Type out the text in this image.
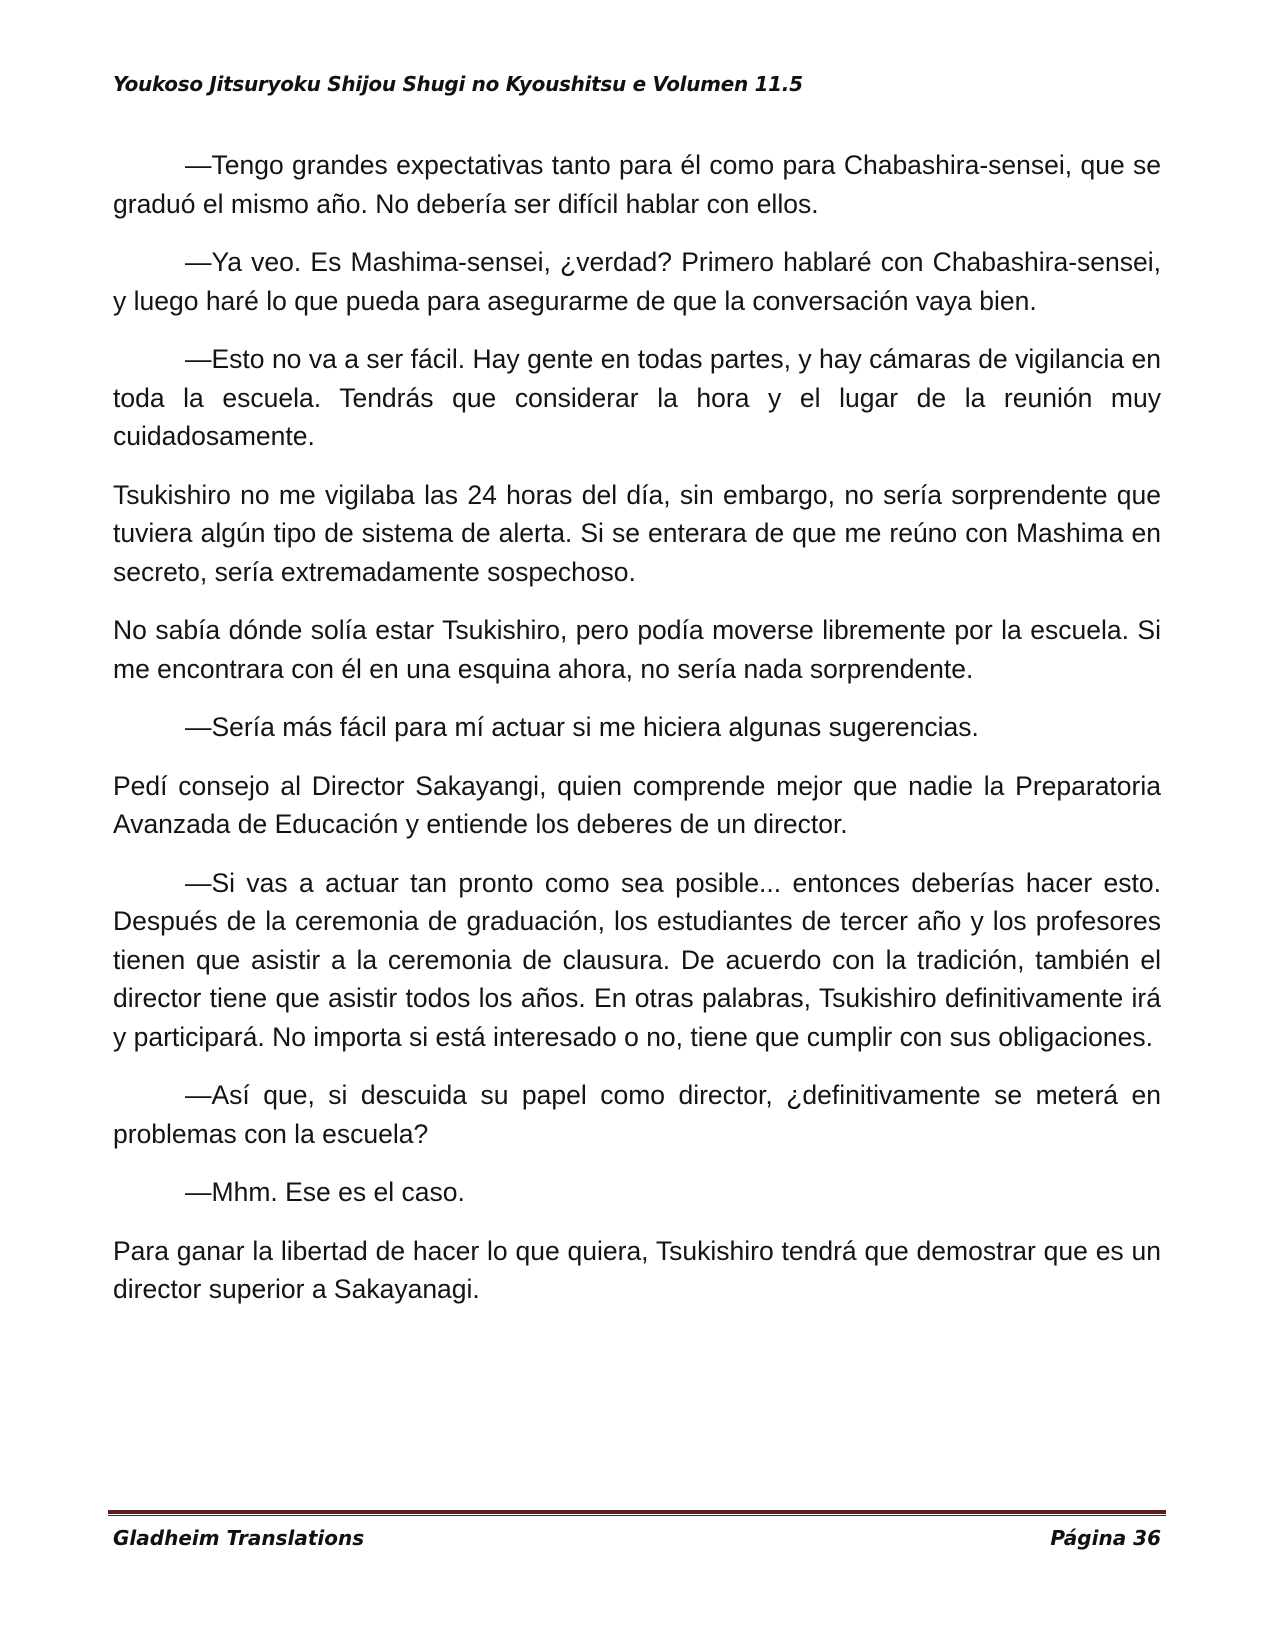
Youkoso Jitsuryoku Shijou Shugi no Kyoushitsu e Volumen 11.5

—Tengo grandes expectativas tanto para él como para Chabashira-sensei, que se graduó el mismo año. No debería ser difícil hablar con ellos.

—Ya veo. Es Mashima-sensei, ¿verdad? Primero hablaré con Chabashira-sensei, y luego haré lo que pueda para asegurarme de que la conversación vaya bien.

—Esto no va a ser fácil. Hay gente en todas partes, y hay cámaras de vigilancia en toda la escuela. Tendrás que considerar la hora y el lugar de la reunión muy cuidadosamente.

Tsukishiro no me vigilaba las 24 horas del día, sin embargo, no sería sorprendente que tuviera algún tipo de sistema de alerta. Si se enterara de que me reúno con Mashima en secreto, sería extremadamente sospechoso.

No sabía dónde solía estar Tsukishiro, pero podía moverse libremente por la escuela. Si me encontrara con él en una esquina ahora, no sería nada sorprendente.

—Sería más fácil para mí actuar si me hiciera algunas sugerencias.

Pedí consejo al Director Sakayangi, quien comprende mejor que nadie la Preparatoria Avanzada de Educación y entiende los deberes de un director.

—Si vas a actuar tan pronto como sea posible... entonces deberías hacer esto. Después de la ceremonia de graduación, los estudiantes de tercer año y los profesores tienen que asistir a la ceremonia de clausura. De acuerdo con la tradición, también el director tiene que asistir todos los años. En otras palabras, Tsukishiro definitivamente irá y participará. No importa si está interesado o no, tiene que cumplir con sus obligaciones.

—Así que, si descuida su papel como director, ¿definitivamente se meterá en problemas con la escuela?

—Mhm. Ese es el caso.

Para ganar la libertad de hacer lo que quiera, Tsukishiro tendrá que demostrar que es un director superior a Sakayanagi.

Gladheim Translations	Página 36
